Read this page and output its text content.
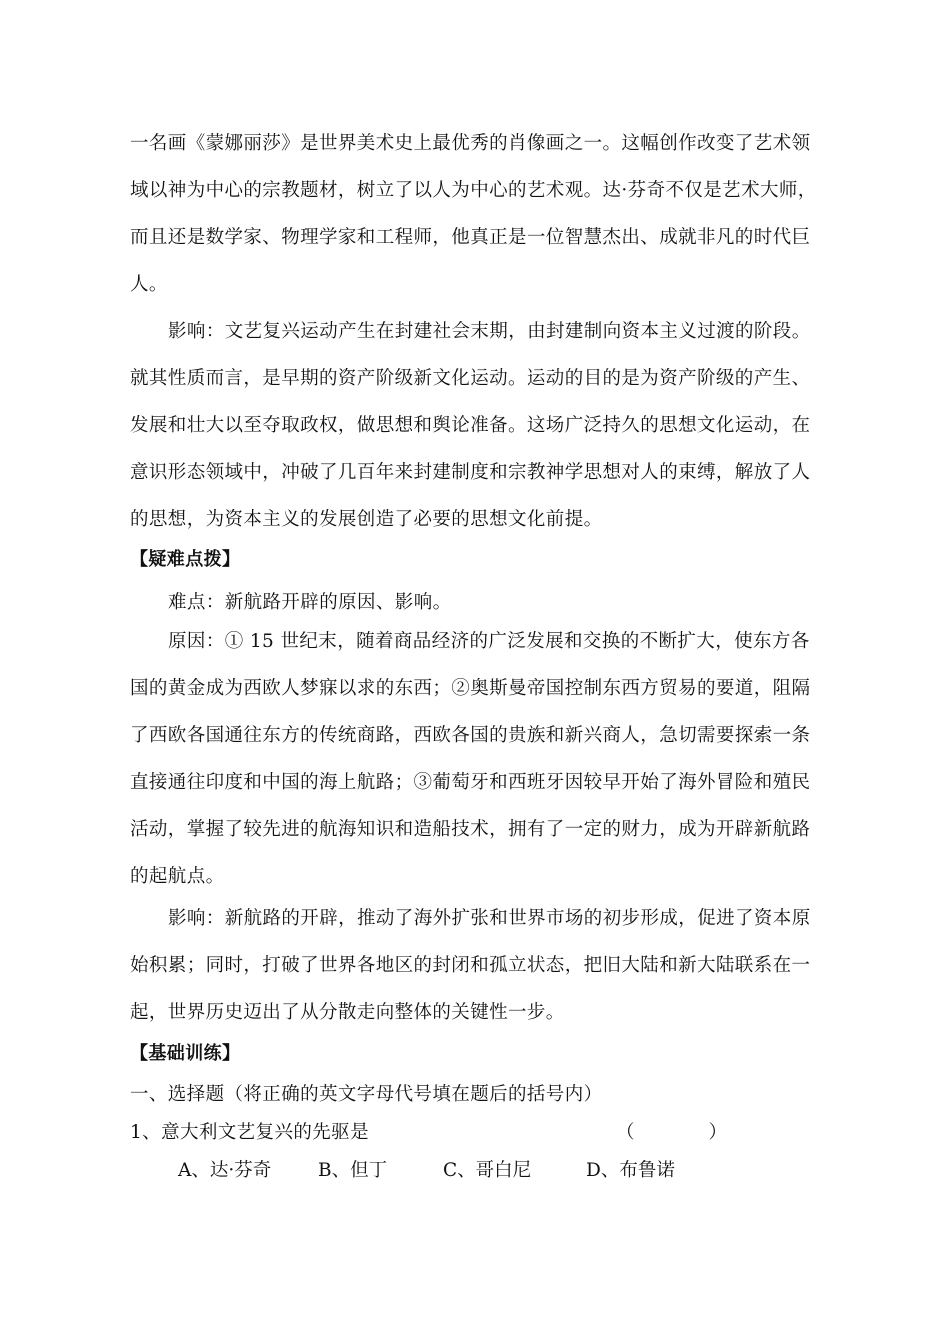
一名画《蒙娜丽莎》是世界美术史上最优秀的肖像画之一。这幅创作改变了艺术领
域以神为中心的宗教题材，树立了以人为中心的艺术观。达·芬奇不仅是艺术大师，
而且还是数学家、物理学家和工程师，他真正是一位智慧杰出、成就非凡的时代巨
人。
影响：文艺复兴运动产生在封建社会末期，由封建制向资本主义过渡的阶段。
就其性质而言，是早期的资产阶级新文化运动。运动的目的是为资产阶级的产生、
发展和壮大以至夺取政权，做思想和舆论准备。这场广泛持久的思想文化运动，在
意识形态领域中，冲破了几百年来封建制度和宗教神学思想对人的束缚，解放了人
的思想，为资本主义的发展创造了必要的思想文化前提。
【疑难点拨】
难点：新航路开辟的原因、影响。
原因：① 15 世纪末，随着商品经济的广泛发展和交换的不断扩大，使东方各
国的黄金成为西欧人梦寐以求的东西；②奥斯曼帝国控制东西方贸易的要道，阻隔
了西欧各国通往东方的传统商路，西欧各国的贵族和新兴商人，急切需要探索一条
直接通往印度和中国的海上航路；③葡萄牙和西班牙因较早开始了海外冒险和殖民
活动，掌握了较先进的航海知识和造船技术，拥有了一定的财力，成为开辟新航路
的起航点。
影响：新航路的开辟，推动了海外扩张和世界市场的初步形成，促进了资本原
始积累；同时，打破了世界各地区的封闭和孤立状态，把旧大陆和新大陆联系在一
起，世界历史迈出了从分散走向整体的关键性一步。
【基础训练】
一、选择题（将正确的英文字母代号填在题后的括号内）
1、意大利文艺复兴的先驱是	（　　　　）
A、达·芬奇	B、但丁	C、哥白尼	D、布鲁诺
